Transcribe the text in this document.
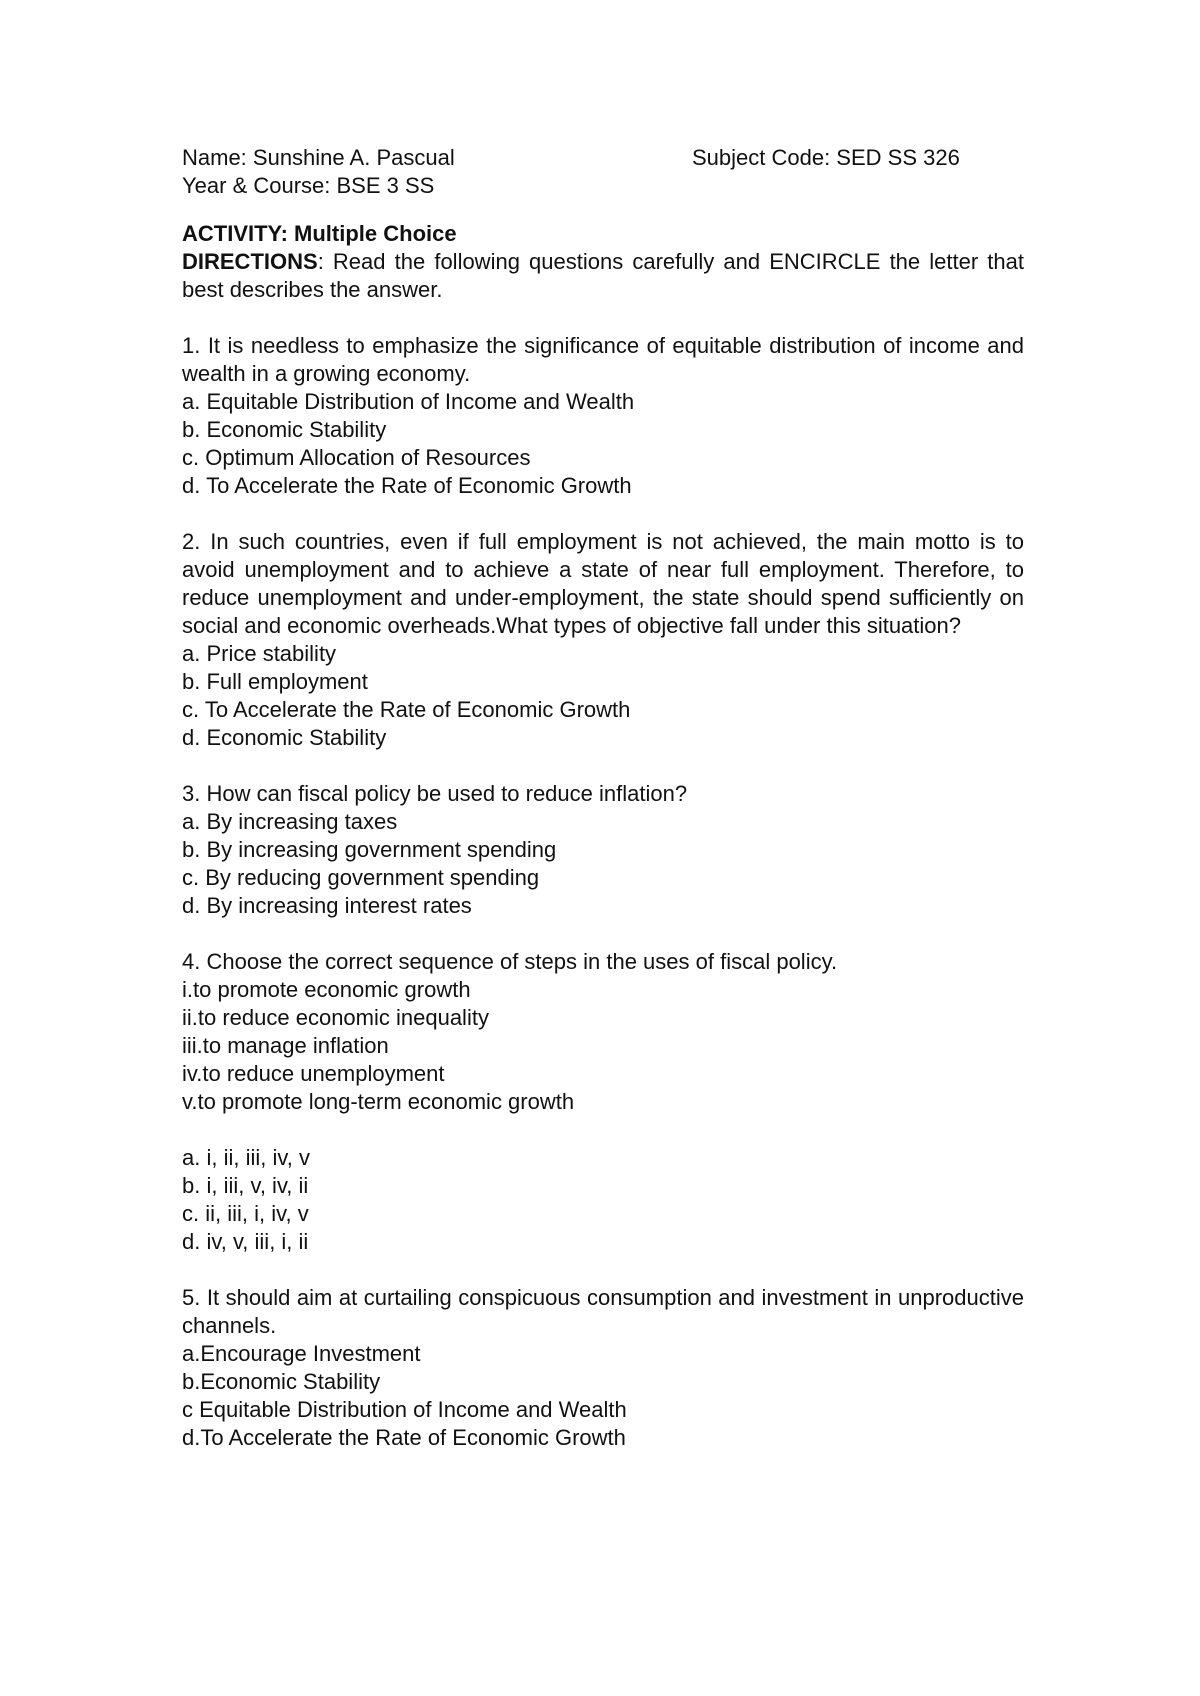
Name: Sunshine A. Pascual	Subject Code: SED SS 326
Year & Course: BSE 3 SS
ACTIVITY: Multiple Choice
DIRECTIONS: Read the following questions carefully and ENCIRCLE the letter that best describes the answer.
1. It is needless to emphasize the significance of equitable distribution of income and wealth in a growing economy.
a. Equitable Distribution of Income and Wealth
b. Economic Stability
c. Optimum Allocation of Resources
d. To Accelerate the Rate of Economic Growth
2. In such countries, even if full employment is not achieved, the main motto is to avoid unemployment and to achieve a state of near full employment. Therefore, to reduce unemployment and under-employment, the state should spend sufficiently on social and economic overheads.What types of objective fall under this situation?
a. Price stability
b. Full employment
c. To Accelerate the Rate of Economic Growth
d. Economic Stability
3. How can fiscal policy be used to reduce inflation?
a. By increasing taxes
b. By increasing government spending
c. By reducing government spending
d. By increasing interest rates
4. Choose the correct sequence of steps in the uses of fiscal policy.
i.to promote economic growth
ii.to reduce economic inequality
iii.to manage inflation
iv.to reduce unemployment
v.to promote long-term economic growth
a. i, ii, iii, iv, v
b. i, iii, v, iv, ii
c. ii, iii, i, iv, v
d. iv, v, iii, i, ii
5. It should aim at curtailing conspicuous consumption and investment in unproductive channels.
a.Encourage Investment
b.Economic Stability
c Equitable Distribution of Income and Wealth
d.To Accelerate the Rate of Economic Growth
